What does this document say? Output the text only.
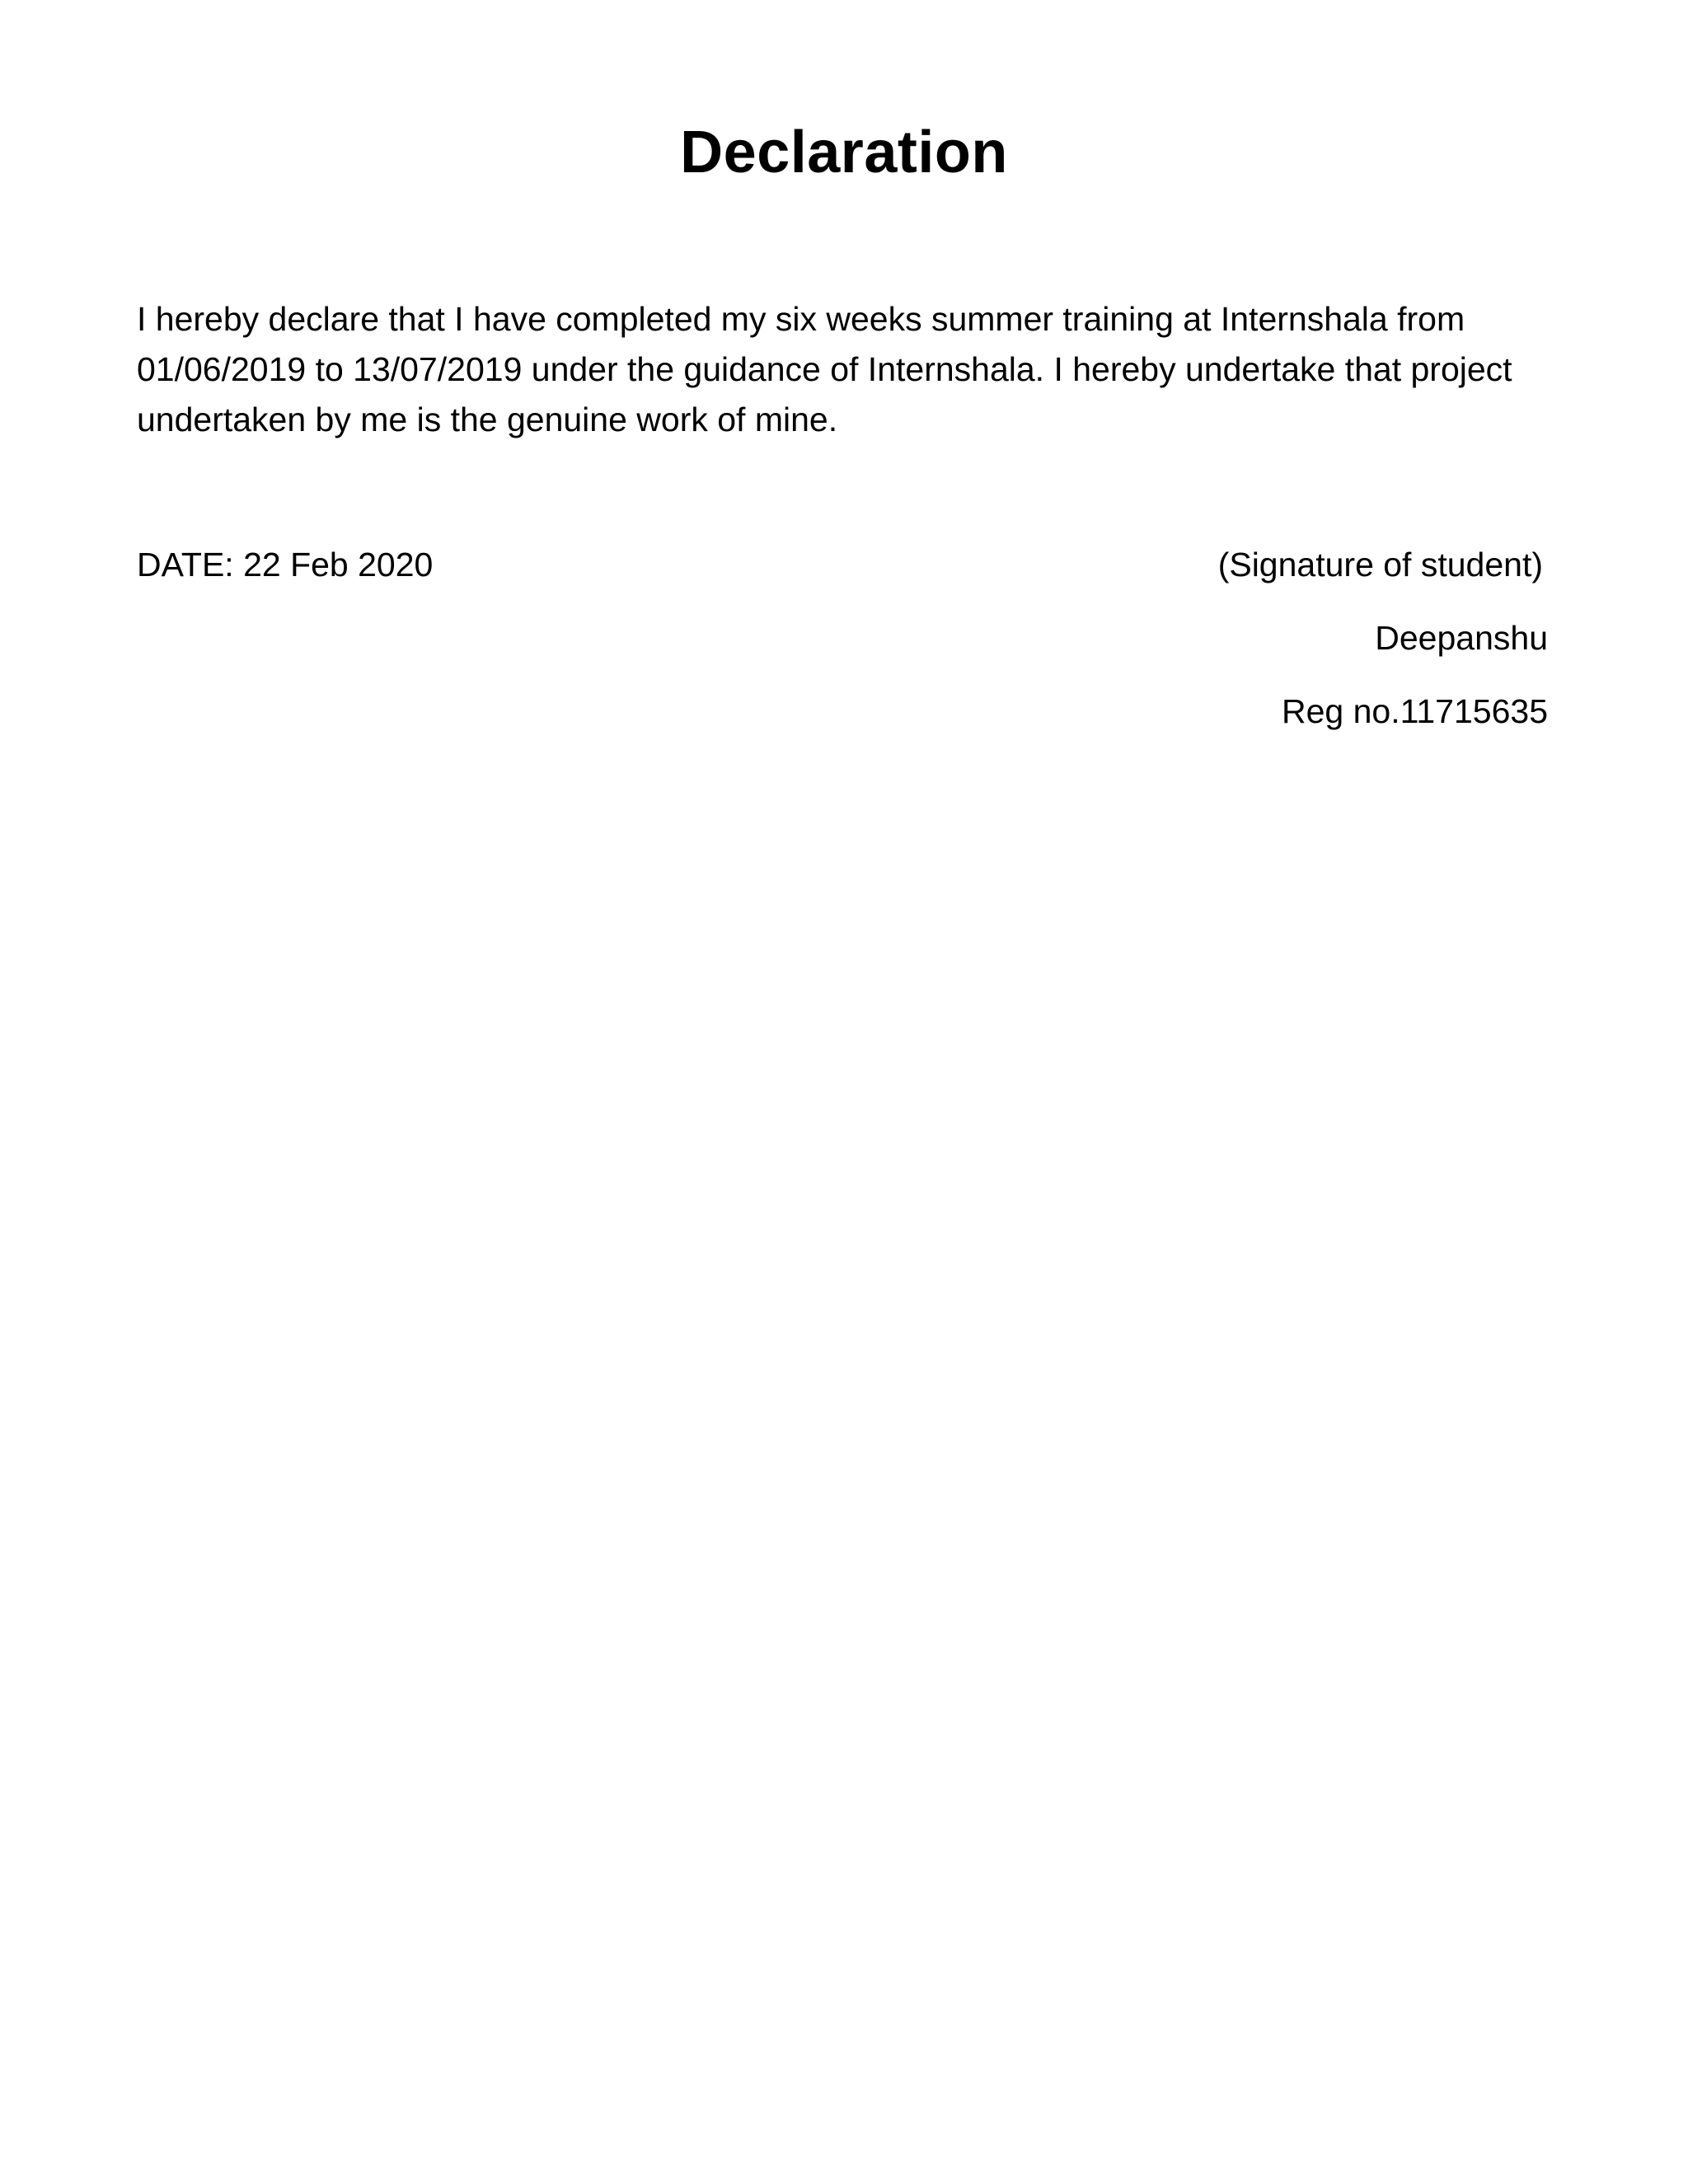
Declaration
I hereby declare that I have completed my six weeks summer training at Internshala from 01/06/2019 to 13/07/2019 under the guidance of Internshala. I hereby undertake that project undertaken by me is the genuine work of mine.
DATE: 22 Feb 2020	(Signature of student)
Deepanshu
Reg no.11715635
